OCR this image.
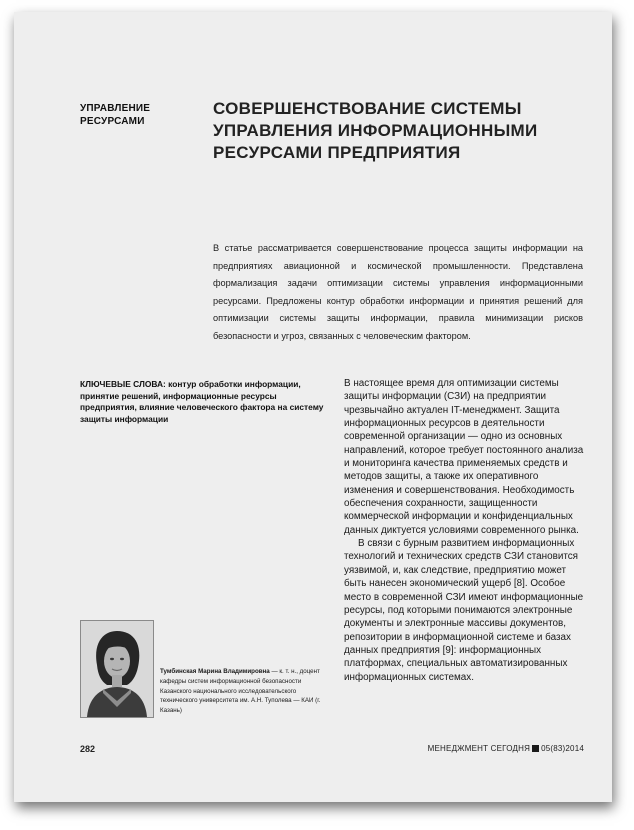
УПРАВЛЕНИЕ РЕСУРСАМИ
СОВЕРШЕНСТВОВАНИЕ СИСТЕМЫ УПРАВЛЕНИЯ ИНФОРМАЦИОННЫМИ РЕСУРСАМИ ПРЕДПРИЯТИЯ
В статье рассматривается совершенствование процесса защиты информации на предприятиях авиационной и космической промышленности. Представлена формализация задачи оптимизации системы управления информационными ресурсами. Предложены контур обработки информации и принятия решений для оптимизации системы защиты информации, правила минимизации рисков безопасности и угроз, связанных с человеческим фактором.
КЛЮЧЕВЫЕ СЛОВА: контур обработки информации, принятие решений, информационные ресурсы предприятия, влияние человеческого фактора на систему защиты информации

В настоящее время для оптимизации системы защиты информации (СЗИ) на предприятии чрезвычайно актуален IT-менеджмент. Защита информационных ресурсов в деятельности современной организации — одно из основных направлений, которое требует постоянного анализа и мониторинга качества применяемых средств и методов защиты, а также их оперативного изменения и совершенствования. Необходимость обеспечения сохранности, защищенности коммерческой информации и конфиденциальных данных диктуется условиями современного рынка.

В связи с бурным развитием информационных технологий и технических средств СЗИ становится уязвимой, и, как следствие, предприятию может быть нанесен экономический ущерб [8]. Особое место в современной СЗИ имеют информационные ресурсы, под которыми понимаются электронные документы и электронные массивы документов, репозитории в информационной системе и базах данных предприятия [9]: информационных платформах, специальных автоматизированных информационных системах.

Тумбинская Марина Владимировна — к. т. н., доцент кафедры систем информационной безопасности Казанского национального исследовательского технического университета им. А.Н. Туполева — КАИ (г. Казань)
282	МЕНЕДЖМЕНТ СЕГОДНЯ 05(83)2014
